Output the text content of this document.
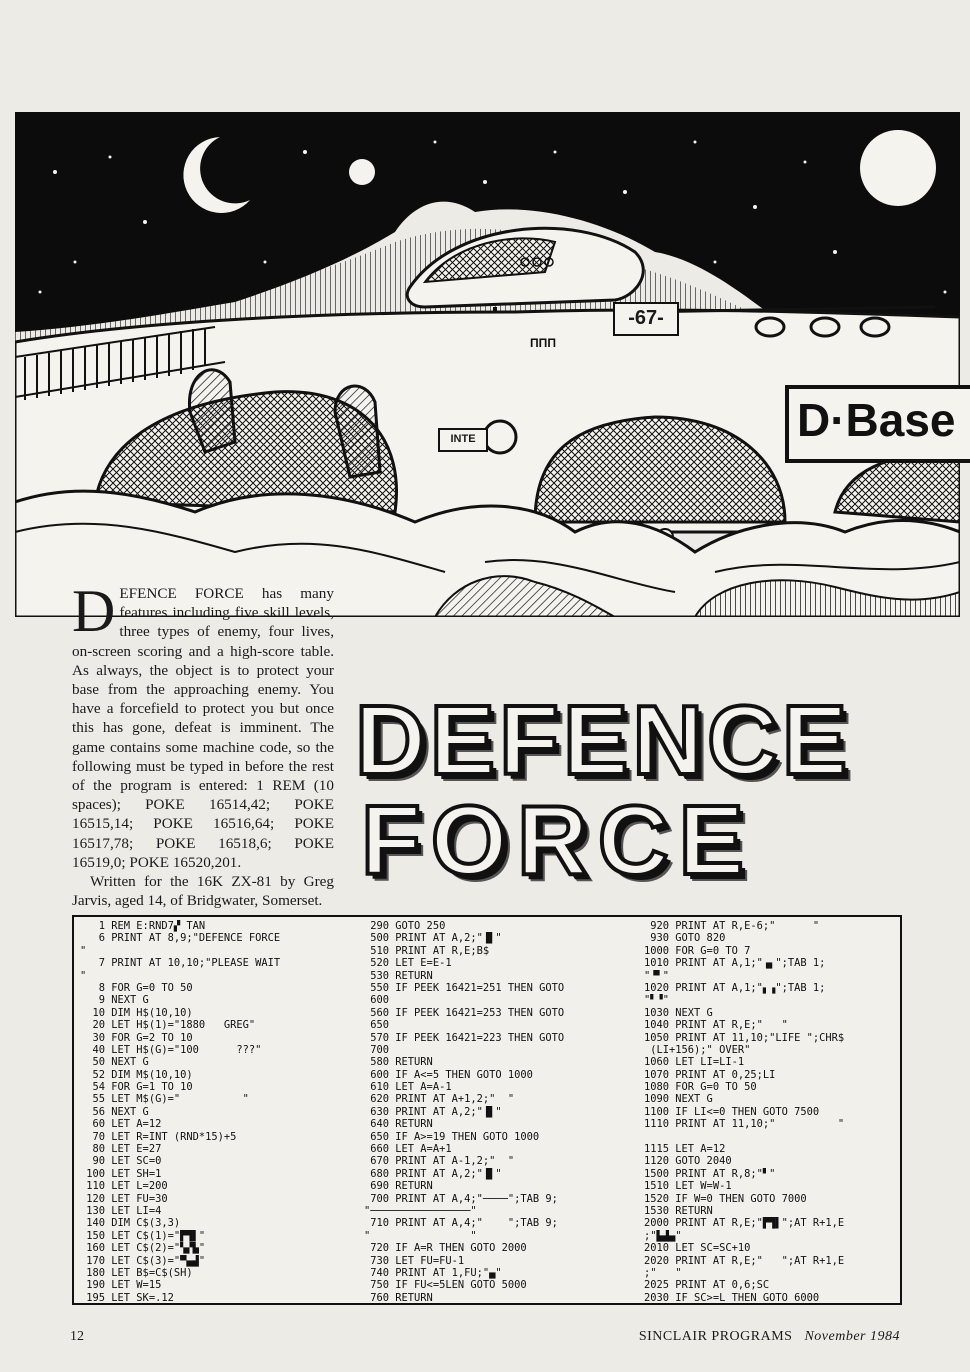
ΠΠΠ
-67-
INTE	D·Base

DEFENCE FORCE has many features including five skill levels, three types of enemy, four lives, on-screen scoring and a high-score table. As always, the object is to protect your base from the approaching enemy. You have a forcefield to protect you but once this has gone, defeat is imminent. The game contains some machine code, so the following must be typed in before the rest of the program is entered: 1 REM (10 spaces); POKE 16514,42; POKE 16515,14; POKE 16516,64; POKE 16517,78; POKE 16518,6; POKE 16519,0; POKE 16520,201.

Written for the 16K ZX-81 by Greg Jarvis, aged 14, of Bridgwater, Somerset.

DEFENCE
FORCE
1 REM E:RND7▞ TAN
6 PRINT AT 8,9;"DEFENCE FORCE
"
7 PRINT AT 10,10;"PLEASE WAIT
"
8 FOR G=0 TO 50
9 NEXT G
10 DIM H$(10,10)
20 LET H$(1)="1880   GREG"
30 FOR G=2 TO 10
40 LET H$(G)="100      ???"
50 NEXT G
52 DIM M$(10,10)
54 FOR G=1 TO 10
55 LET M$(G)="          "
56 NEXT G
60 LET A=12
70 LET R=INT (RND*15)+5
80 LET E=27
90 LET SC=0
100 LET SH=1
110 LET L=200
120 LET FU=30
130 LET LI=4
140 DIM C$(3,3)
150 LET C$(1)="▛▜▌"
160 LET C$(2)="▚▞▙"
170 LET C$(3)="▀▄▟"
180 LET B$=C$(SH)
190 LET W=15
195 LET SK=.12
290 GOTO 250
500 PRINT AT A,2;"▐▌"
510 PRINT AT R,E;B$
520 LET E=E-1
530 RETURN
550 IF PEEK 16421=251 THEN GOTO
600
560 IF PEEK 16421=253 THEN GOTO
650
570 IF PEEK 16421=223 THEN GOTO
700
580 RETURN
600 IF A<=5 THEN GOTO 1000
610 LET A=A-1
620 PRINT AT A+1,2;"  "
630 PRINT AT A,2;"▐▌"
640 RETURN
650 IF A>=19 THEN GOTO 1000
660 LET A=A+1
670 PRINT AT A-1,2;"  "
680 PRINT AT A,2;"▐▌"
690 RETURN
700 PRINT AT A,4;"────";TAB 9;
"────────────────"
710 PRINT AT A,4;"    ";TAB 9;
"                "
720 IF A=R THEN GOTO 2000
730 LET FU=FU-1
740 PRINT AT 1,FU;"▄"
750 IF FU<=5LEN GOTO 5000
760 RETURN
920 PRINT AT R,E-6;"      "
930 GOTO 820
1000 FOR G=0 TO 7
1010 PRINT AT A,1;"▗▖";TAB 1;
"▝▘"
1020 PRINT AT A,1;"▖▗";TAB 1;
"▘▝"
1030 NEXT G
1040 PRINT AT R,E;"   "
1050 PRINT AT 11,10;"LIFE ";CHR$
(LI+156);" OVER"
1060 LET LI=LI-1
1070 PRINT AT 0,25;LI
1080 FOR G=0 TO 50
1090 NEXT G
1100 IF LI<=0 THEN GOTO 7500
1110 PRINT AT 11,10;"          "
1115 LET A=12
1120 GOTO 2040
1500 PRINT AT R,8;"▘"
1510 LET W=W-1
1520 IF W=0 THEN GOTO 7000
1530 RETURN
2000 PRINT AT R,E;"▛▜▌";AT R+1,E
;"▙▟▄"
2010 LET SC=SC+10
2020 PRINT AT R,E;"   ";AT R+1,E
;"   "
2025 PRINT AT 0,6;SC
2030 IF SC>=L THEN GOTO 6000
12	SINCLAIR PROGRAMS November 1984
